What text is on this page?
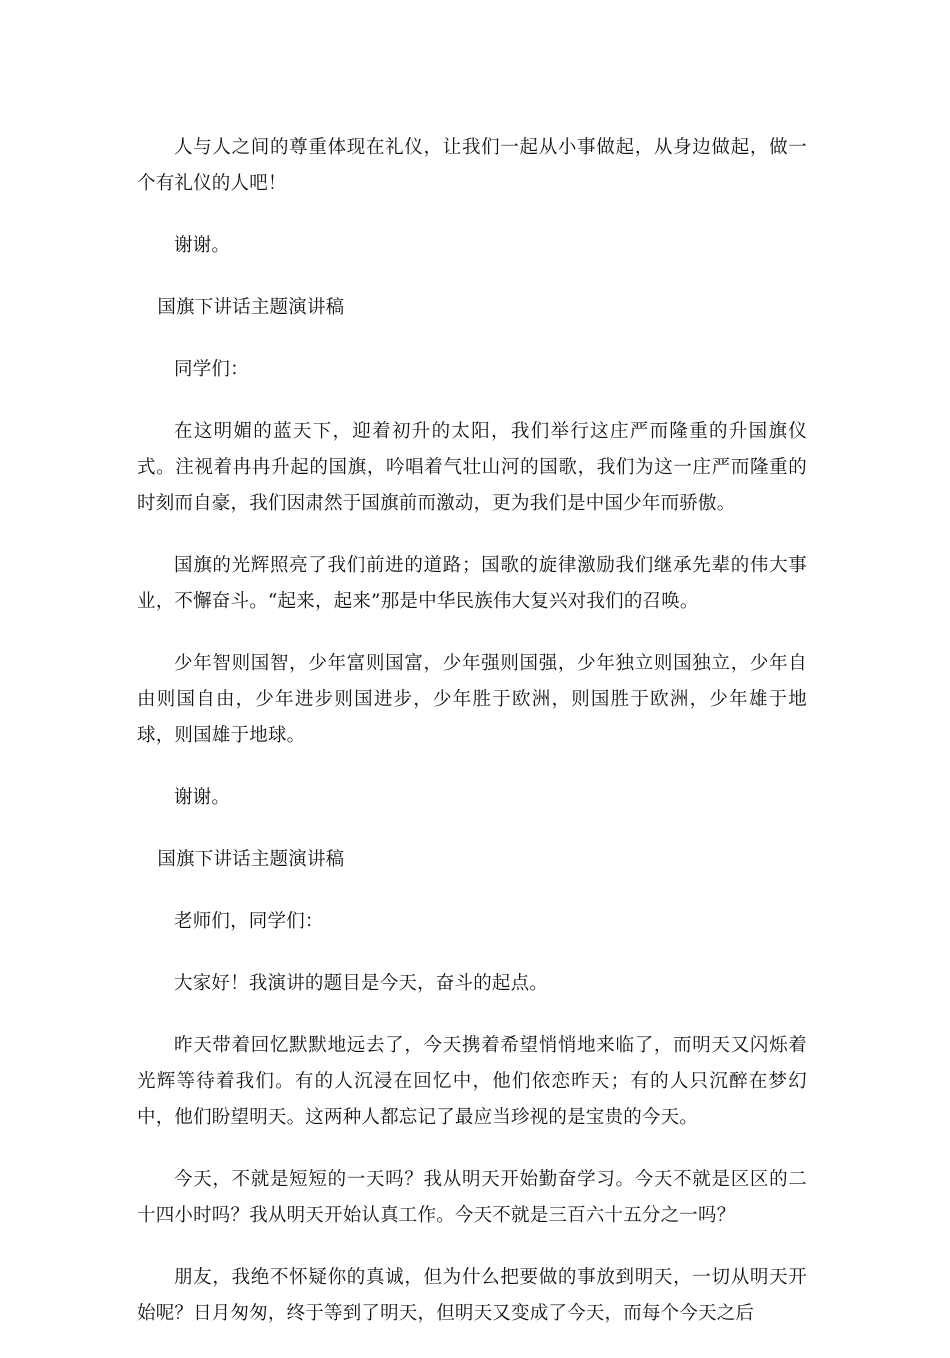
人与人之间的尊重体现在礼仪，让我们一起从小事做起，从身边做起，做一个有礼仪的人吧！

谢谢。

国旗下讲话主题演讲稿

同学们：

在这明媚的蓝天下，迎着初升的太阳，我们举行这庄严而隆重的升国旗仪式。注视着冉冉升起的国旗，吟唱着气壮山河的国歌，我们为这一庄严而隆重的时刻而自豪，我们因肃然于国旗前而激动，更为我们是中国少年而骄傲。

国旗的光辉照亮了我们前进的道路；国歌的旋律激励我们继承先辈的伟大事业，不懈奋斗。“起来，起来”那是中华民族伟大复兴对我们的召唤。

少年智则国智，少年富则国富，少年强则国强，少年独立则国独立，少年自由则国自由，少年进步则国进步，少年胜于欧洲，则国胜于欧洲，少年雄于地球，则国雄于地球。

谢谢。

国旗下讲话主题演讲稿

老师们，同学们：

大家好！我演讲的题目是今天，奋斗的起点。

昨天带着回忆默默地远去了，今天携着希望悄悄地来临了，而明天又闪烁着光辉等待着我们。有的人沉浸在回忆中，他们依恋昨天；有的人只沉醉在梦幻中，他们盼望明天。这两种人都忘记了最应当珍视的是宝贵的今天。

今天，不就是短短的一天吗？我从明天开始勤奋学习。今天不就是区区的二十四小时吗？我从明天开始认真工作。今天不就是三百六十五分之一吗？

朋友，我绝不怀疑你的真诚，但为什么把要做的事放到明天，一切从明天开始呢？日月匆匆，终于等到了明天，但明天又变成了今天，而每个今天之后
